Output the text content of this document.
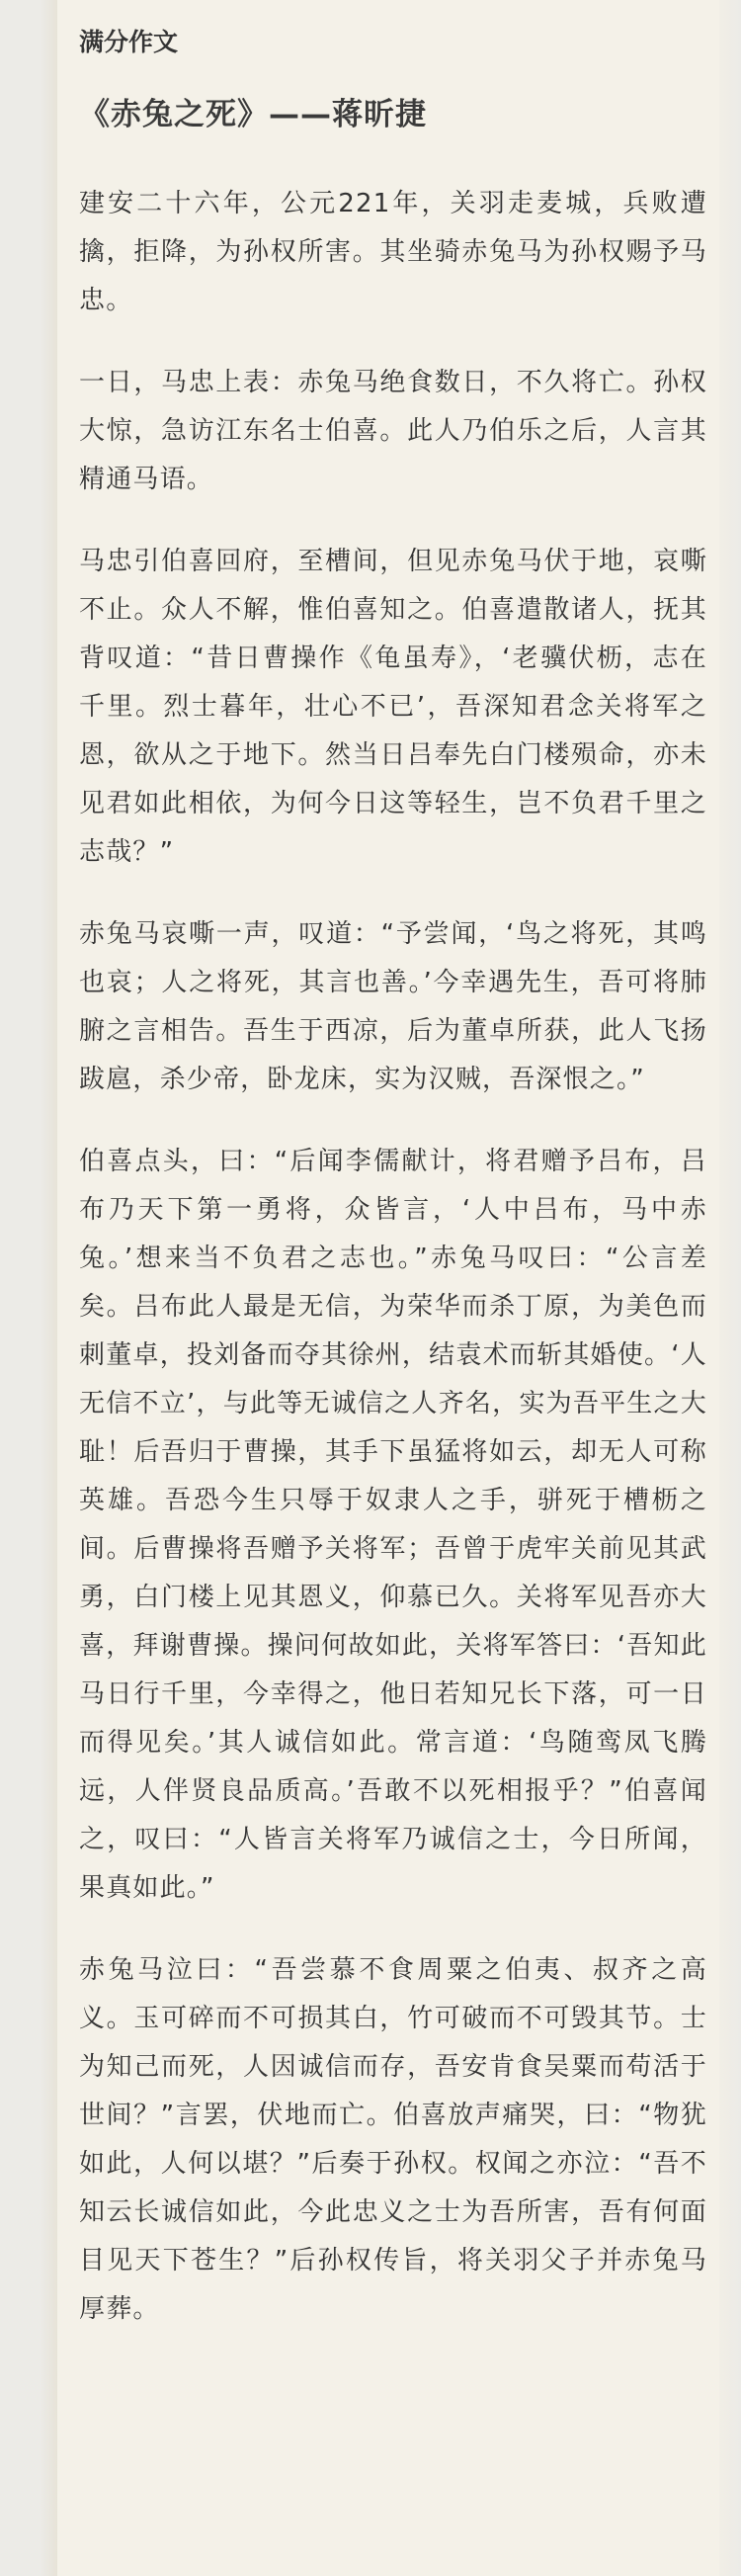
满分作文
《赤兔之死》——蒋昕捷

建安二十六年，公元221年，关羽走麦城，兵败遭擒，拒降，为孙权所害。其坐骑赤兔马为孙权赐予马忠。

一日，马忠上表：赤兔马绝食数日，不久将亡。孙权大惊，急访江东名士伯喜。此人乃伯乐之后，人言其精通马语。

马忠引伯喜回府，至槽间，但见赤兔马伏于地，哀嘶不止。众人不解，惟伯喜知之。伯喜遣散诸人，抚其背叹道：“昔日曹操作《龟虽寿》，‘老骥伏枥，志在千里。烈士暮年，壮心不已’，吾深知君念关将军之恩，欲从之于地下。然当日吕奉先白门楼殒命，亦未见君如此相依，为何今日这等轻生，岂不负君千里之志哉？”

赤兔马哀嘶一声，叹道：“予尝闻，‘鸟之将死，其鸣也哀；人之将死，其言也善。’今幸遇先生，吾可将肺腑之言相告。吾生于西凉，后为董卓所获，此人飞扬跋扈，杀少帝，卧龙床，实为汉贼，吾深恨之。”

伯喜点头，曰：“后闻李儒献计，将君赠予吕布，吕布乃天下第一勇将，众皆言，‘人中吕布，马中赤兔。’想来当不负君之志也。”赤兔马叹曰：“公言差矣。吕布此人最是无信，为荣华而杀丁原，为美色而刺董卓，投刘备而夺其徐州，结袁术而斩其婚使。‘人无信不立’，与此等无诚信之人齐名，实为吾平生之大耻！后吾归于曹操，其手下虽猛将如云，却无人可称英雄。吾恐今生只辱于奴隶人之手，骈死于槽枥之间。后曹操将吾赠予关将军；吾曾于虎牢关前见其武勇，白门楼上见其恩义，仰慕已久。关将军见吾亦大喜，拜谢曹操。操问何故如此，关将军答曰：‘吾知此马日行千里，今幸得之，他日若知兄长下落，可一日而得见矣。’其人诚信如此。常言道：‘鸟随鸾凤飞腾远，人伴贤良品质高。’吾敢不以死相报乎？”伯喜闻之，叹曰：“人皆言关将军乃诚信之士，今日所闻，果真如此。”

赤兔马泣曰：“吾尝慕不食周粟之伯夷、叔齐之高义。玉可碎而不可损其白，竹可破而不可毁其节。士为知己而死，人因诚信而存，吾安肯食吴粟而苟活于世间？”言罢，伏地而亡。伯喜放声痛哭，曰：“物犹如此，人何以堪？”后奏于孙权。权闻之亦泣：“吾不知云长诚信如此，今此忠义之士为吾所害，吾有何面目见天下苍生？”后孙权传旨，将关羽父子并赤兔马厚葬。
